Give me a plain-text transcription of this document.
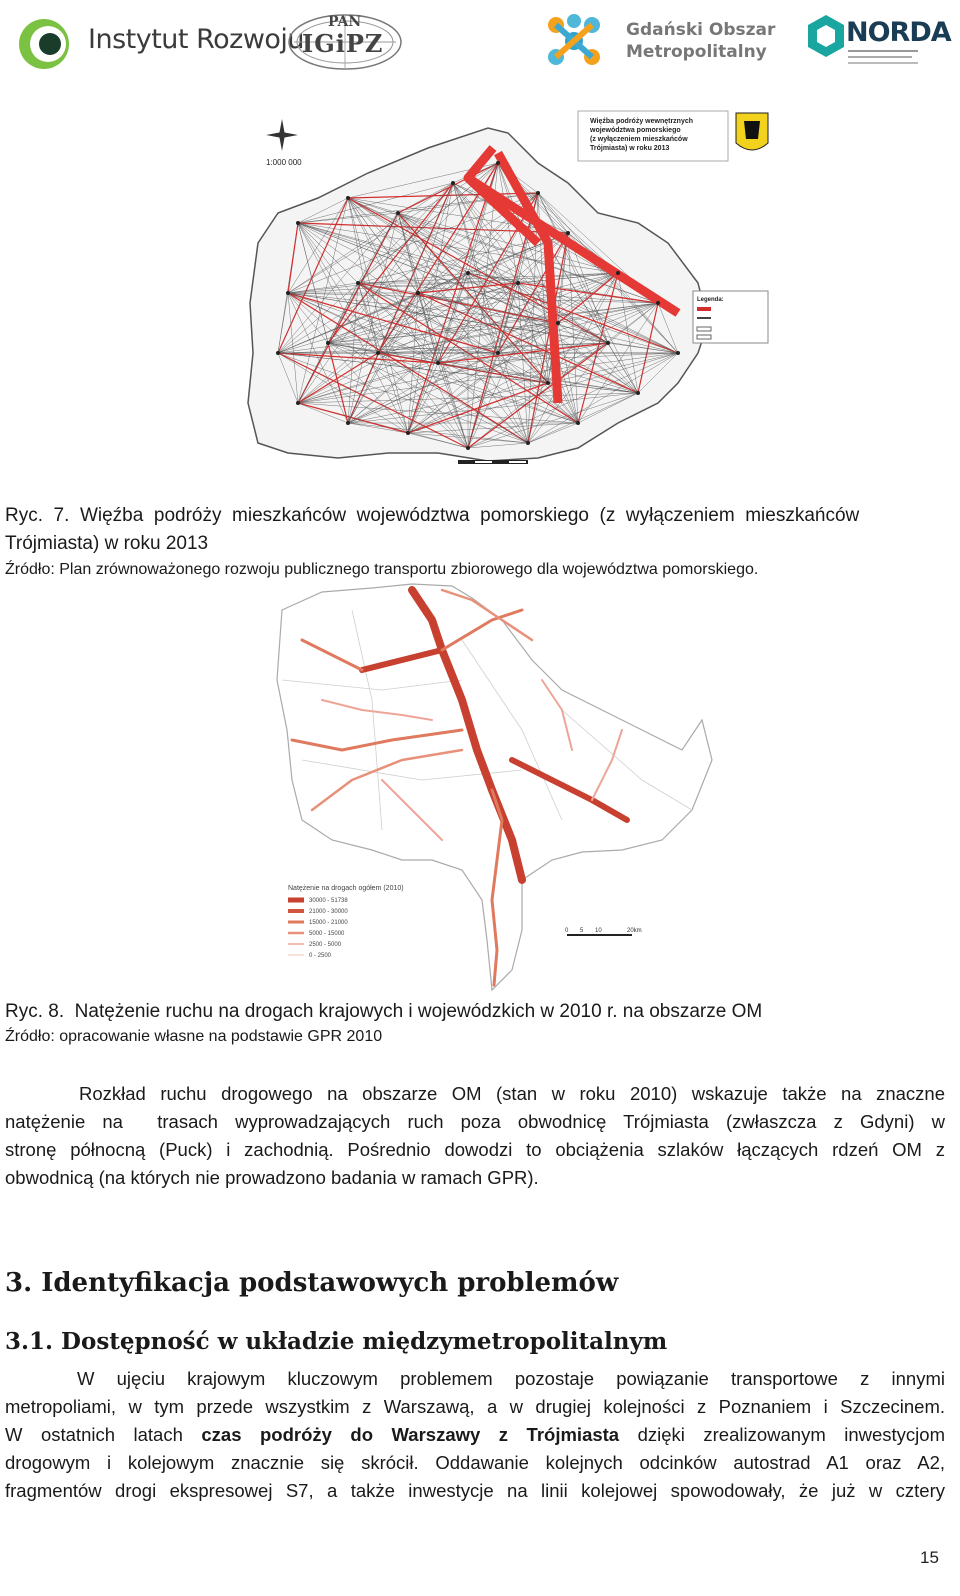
Instytut Rozwoju
PAN
IGiPZ	Gdański Obszar
Metropolitalny
NORDA
1:000 000
Więźba podróży wewnętrznych
województwa pomorskiego
(z wyłączeniem mieszkańców
Trójmiasta) w roku 2013
Legenda:
Ryc.  7.  Więźba  podróży  mieszkańców  województwa  pomorskiego  (z  wyłączeniem  mieszkańców
Trójmiasta) w roku 2013
Źródło: Plan zrównoważonego rozwoju publicznego transportu zbiorowego dla województwa pomorskiego.
Natężenie na drogach ogółem (2010)
30000 - 51738
21000 - 30000
15000 - 21000
5000 - 15000
2500 - 5000
0 - 2500
0 5 10	20km
Ryc. 8.  Natężenie ruchu na drogach krajowych i wojewódzkich w 2010 r. na obszarze OM
Źródło: opracowanie własne na podstawie GPR 2010
Rozkład ruchu drogowego na obszarze OM (stan w roku 2010) wskazuje także na znaczne
natężenie na  trasach wyprowadzających ruch poza obwodnicę Trójmiasta (zwłaszcza z Gdyni) w
stronę północną (Puck) i zachodnią. Pośrednio dowodzi to obciążenia szlaków łączących rdzeń OM z
obwodnicą (na których nie prowadzono badania w ramach GPR).
3. Identyfikacja podstawowych problemów
3.1. Dostępność w układzie międzymetropolitalnym
W ujęciu krajowym kluczowym problemem pozostaje powiązanie transportowe z innymi
metropoliami, w tym przede wszystkim z Warszawą, a w drugiej kolejności z Poznaniem i Szczecinem.
W ostatnich latach czas podróży do Warszawy z Trójmiasta dzięki zrealizowanym inwestycjom
drogowym i kolejowym znacznie się skrócił. Oddawanie kolejnych odcinków autostrad A1 oraz A2,
fragmentów drogi ekspresowej S7, a także inwestycje na linii kolejowej spowodowały, że już w cztery
15
